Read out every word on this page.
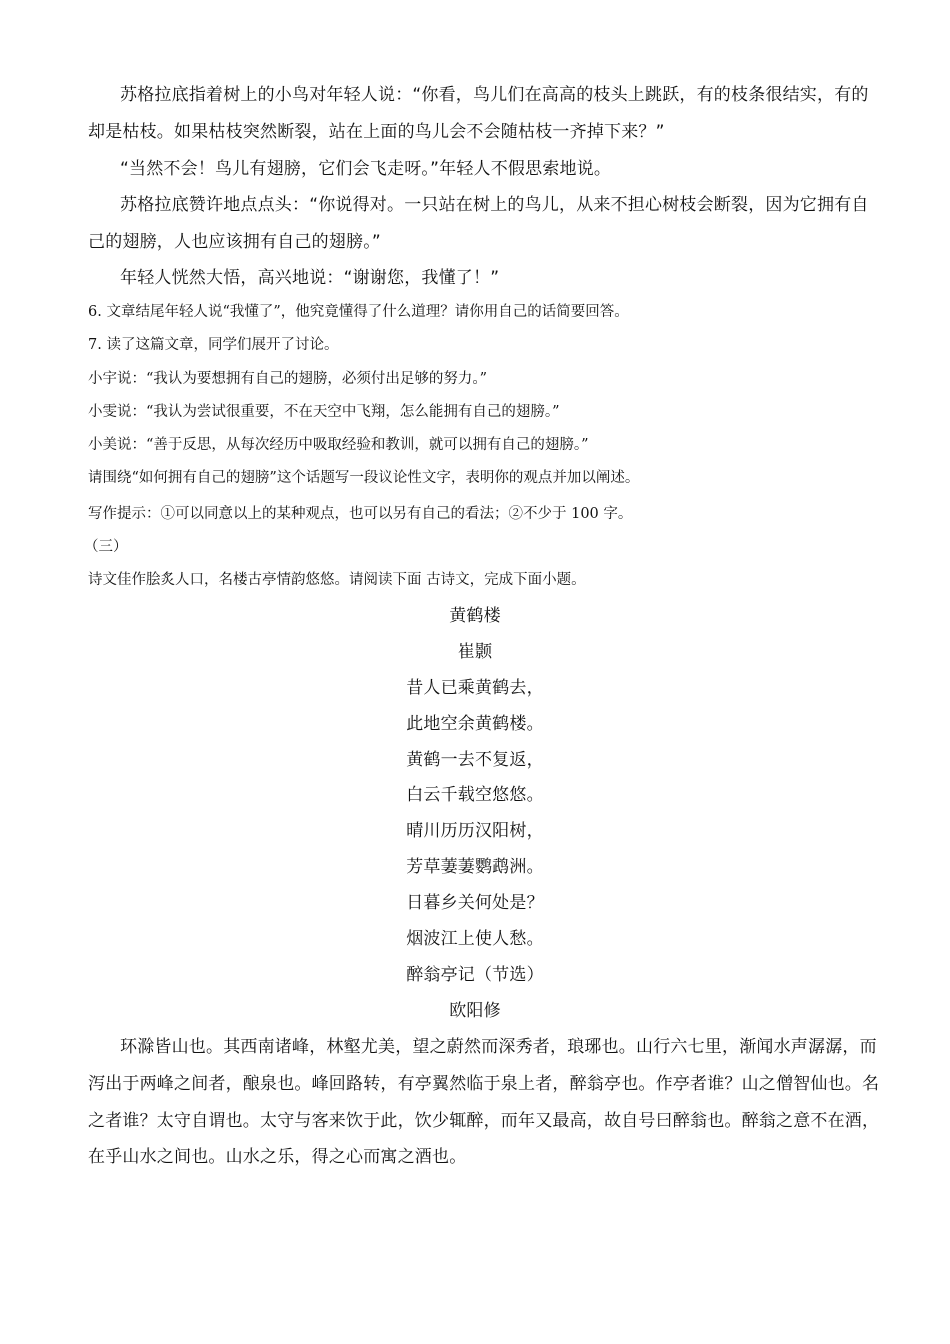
苏格拉底指着树上的小鸟对年轻人说：“你看，鸟儿们在高高的枝头上跳跃，有的枝条很结实，有的
却是枯枝。如果枯枝突然断裂，站在上面的鸟儿会不会随枯枝一齐掉下来？”
“当然不会！鸟儿有翅膀，它们会飞走呀。”年轻人不假思索地说。
苏格拉底赞许地点点头：“你说得对。一只站在树上的鸟儿，从来不担心树枝会断裂，因为它拥有自
己的翅膀，人也应该拥有自己的翅膀。”
年轻人恍然大悟，高兴地说：“谢谢您，我懂了！”
6. 文章结尾年轻人说“我懂了”，他究竟懂得了什么道理？请你用自己的话简要回答。
7. 读了这篇文章，同学们展开了讨论。
小宇说：“我认为要想拥有自己的翅膀，必须付出足够的努力。”
小雯说：“我认为尝试很重要，不在天空中飞翔，怎么能拥有自己的翅膀。”
小美说：“善于反思，从每次经历中吸取经验和教训，就可以拥有自己的翅膀。”
请围绕“如何拥有自己的翅膀”这个话题写一段议论性文字，表明你的观点并加以阐述。
写作提示：①可以同意以上的某种观点，也可以另有自己的看法；②不少于 100 字。
（三）
诗文佳作脍炙人口，名楼古亭情韵悠悠。请阅读下面 古诗文，完成下面小题。
黄鹤楼
崔颢
昔人已乘黄鹤去，
此地空余黄鹤楼。
黄鹤一去不复返，
白云千载空悠悠。
晴川历历汉阳树，
芳草萋萋鹦鹉洲。
日暮乡关何处是？
烟波江上使人愁。
醉翁亭记（节选）
欧阳修
环滁皆山也。其西南诸峰，林壑尤美，望之蔚然而深秀者，琅琊也。山行六七里，渐闻水声潺潺，而
泻出于两峰之间者，酿泉也。峰回路转，有亭翼然临于泉上者，醉翁亭也。作亭者谁？山之僧智仙也。名
之者谁？太守自谓也。太守与客来饮于此，饮少辄醉，而年又最高，故自号曰醉翁也。醉翁之意不在酒，
在乎山水之间也。山水之乐，得之心而寓之酒也。
